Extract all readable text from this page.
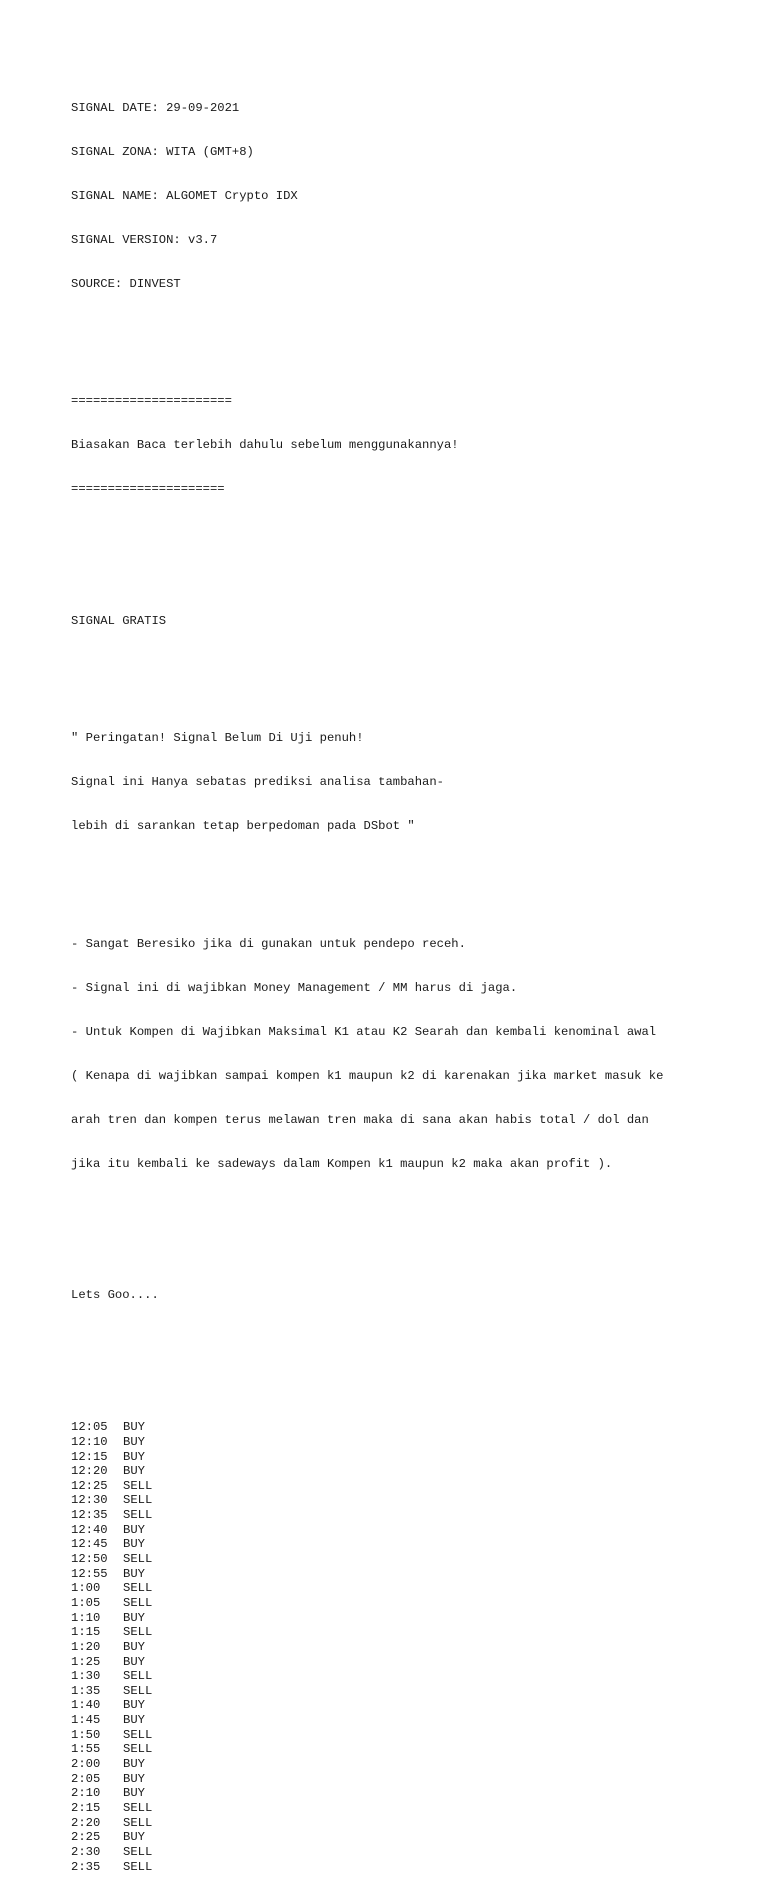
SIGNAL DATE: 29-09-2021

SIGNAL ZONA: WITA (GMT+8)

SIGNAL NAME: ALGOMET Crypto IDX

SIGNAL VERSION: v3.7

SOURCE: DINVEST

======================

Biasakan Baca terlebih dahulu sebelum menggunakannya!

=====================

SIGNAL GRATIS

" Peringatan! Signal Belum Di Uji penuh!

Signal ini Hanya sebatas prediksi analisa tambahan-

lebih di sarankan tetap berpedoman pada DSbot "

- Sangat Beresiko jika di gunakan untuk pendepo receh.

- Signal ini di wajibkan Money Management / MM harus di jaga.

- Untuk Kompen di Wajibkan Maksimal K1 atau K2 Searah dan kembali kenominal awal

( Kenapa di wajibkan sampai kompen k1 maupun k2 di karenakan jika market masuk ke

arah tren dan kompen terus melawan tren maka di sana akan habis total / dol dan

jika itu kembali ke sadeways dalam Kompen k1 maupun k2 maka akan profit ).

Lets Goo....

12:05 BUY
12:10 BUY
12:15 BUY
12:20 BUY
12:25 SELL
12:30 SELL
12:35 SELL
12:40 BUY
12:45 BUY
12:50 SELL
12:55 BUY
1:00 SELL
1:05 SELL
1:10 BUY
1:15 SELL
1:20 BUY
1:25 BUY
1:30 SELL
1:35 SELL
1:40 BUY
1:45 BUY
1:50 SELL
1:55 SELL
2:00 BUY
2:05 BUY
2:10 BUY
2:15 SELL
2:20 SELL
2:25 BUY
2:30 SELL
2:35 SELL
